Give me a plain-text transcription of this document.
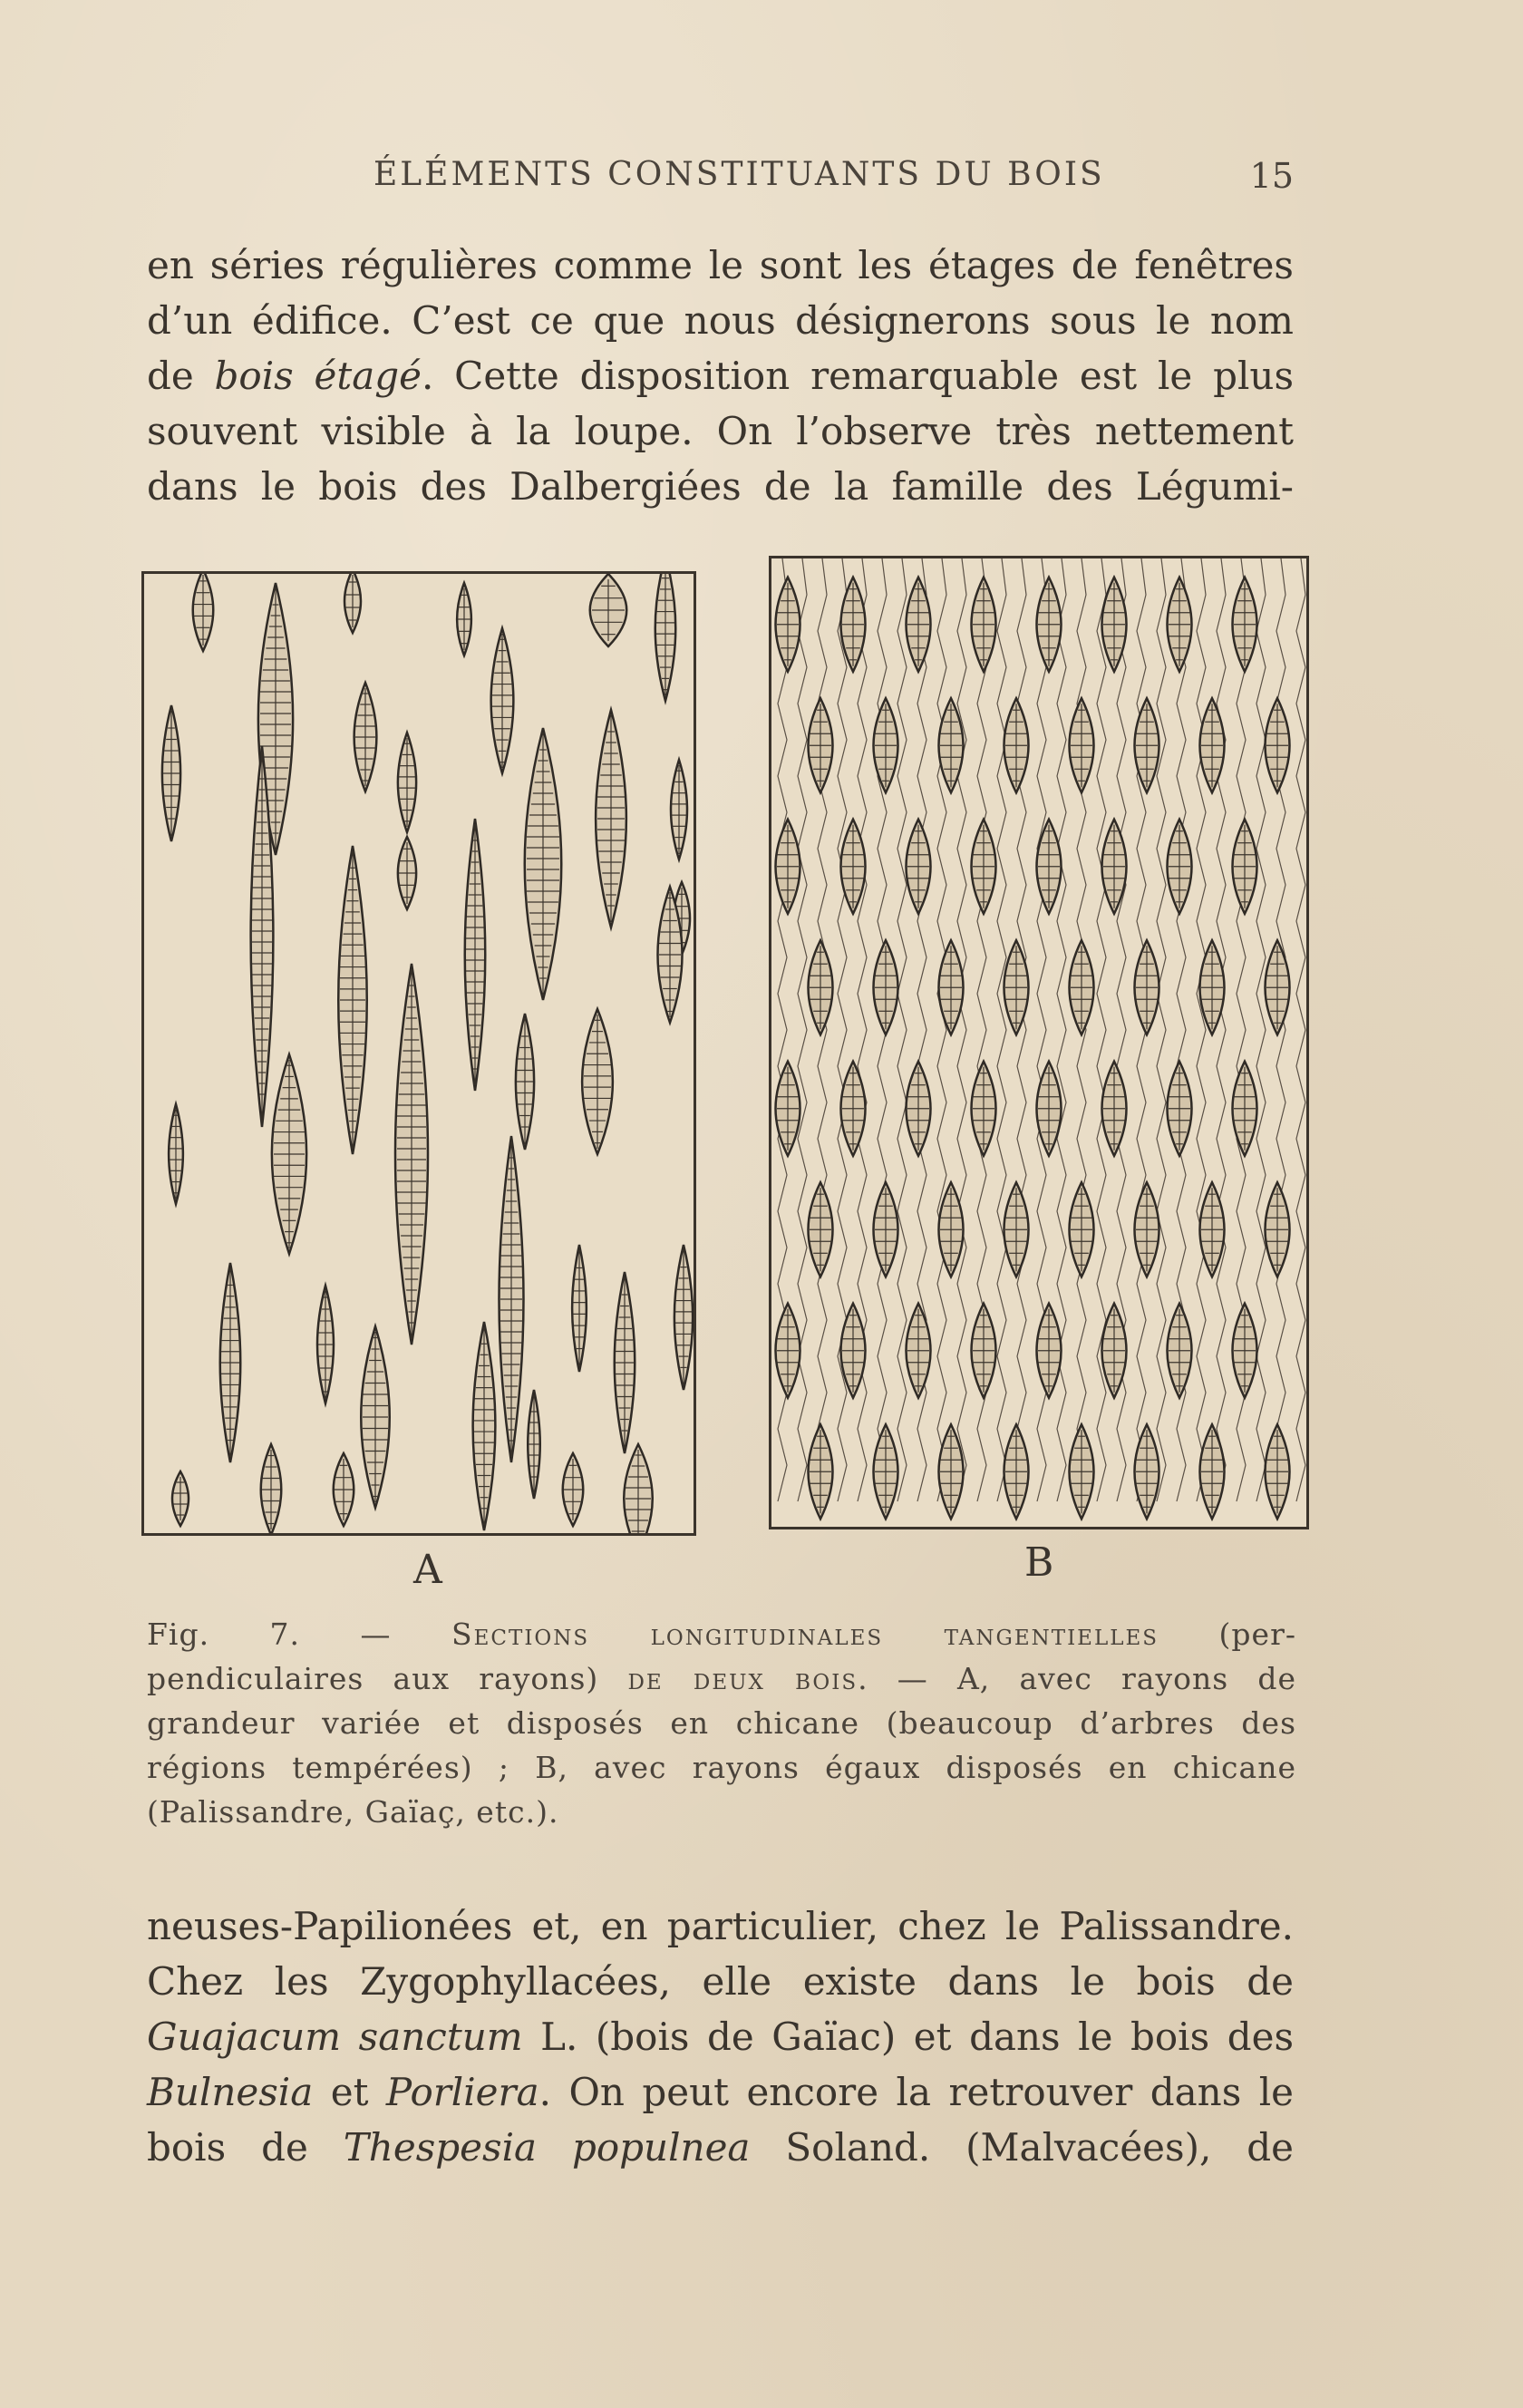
ÉLÉMENTS CONSTITUANTS DU BOIS	15
en séries régulières comme le sont les étages de fenêtres
d’un édifice. C’est ce que nous désignerons sous le nom
de bois étagé. Cette disposition remarquable est le plus
souvent visible à la loupe. On l’observe très nettement
dans le bois des Dalbergiées de la famille des Légumi-
A	B
Fig. 7. — Sections longitudinales tangentielles (per-
pendiculaires aux rayons) de deux bois. — A, avec rayons de
grandeur variée et disposés en chicane (beaucoup d’arbres des
régions tempérées) ; B, avec rayons égaux disposés en chicane
(Palissandre, Gaïaç, etc.).
neuses-Papilionées et, en particulier, chez le Palissandre.
Chez les Zygophyllacées, elle existe dans le bois de
Guajacum sanctum L. (bois de Gaïac) et dans le bois des
Bulnesia et Porliera. On peut encore la retrouver dans le
bois de Thespesia populnea Soland. (Malvacées), de
